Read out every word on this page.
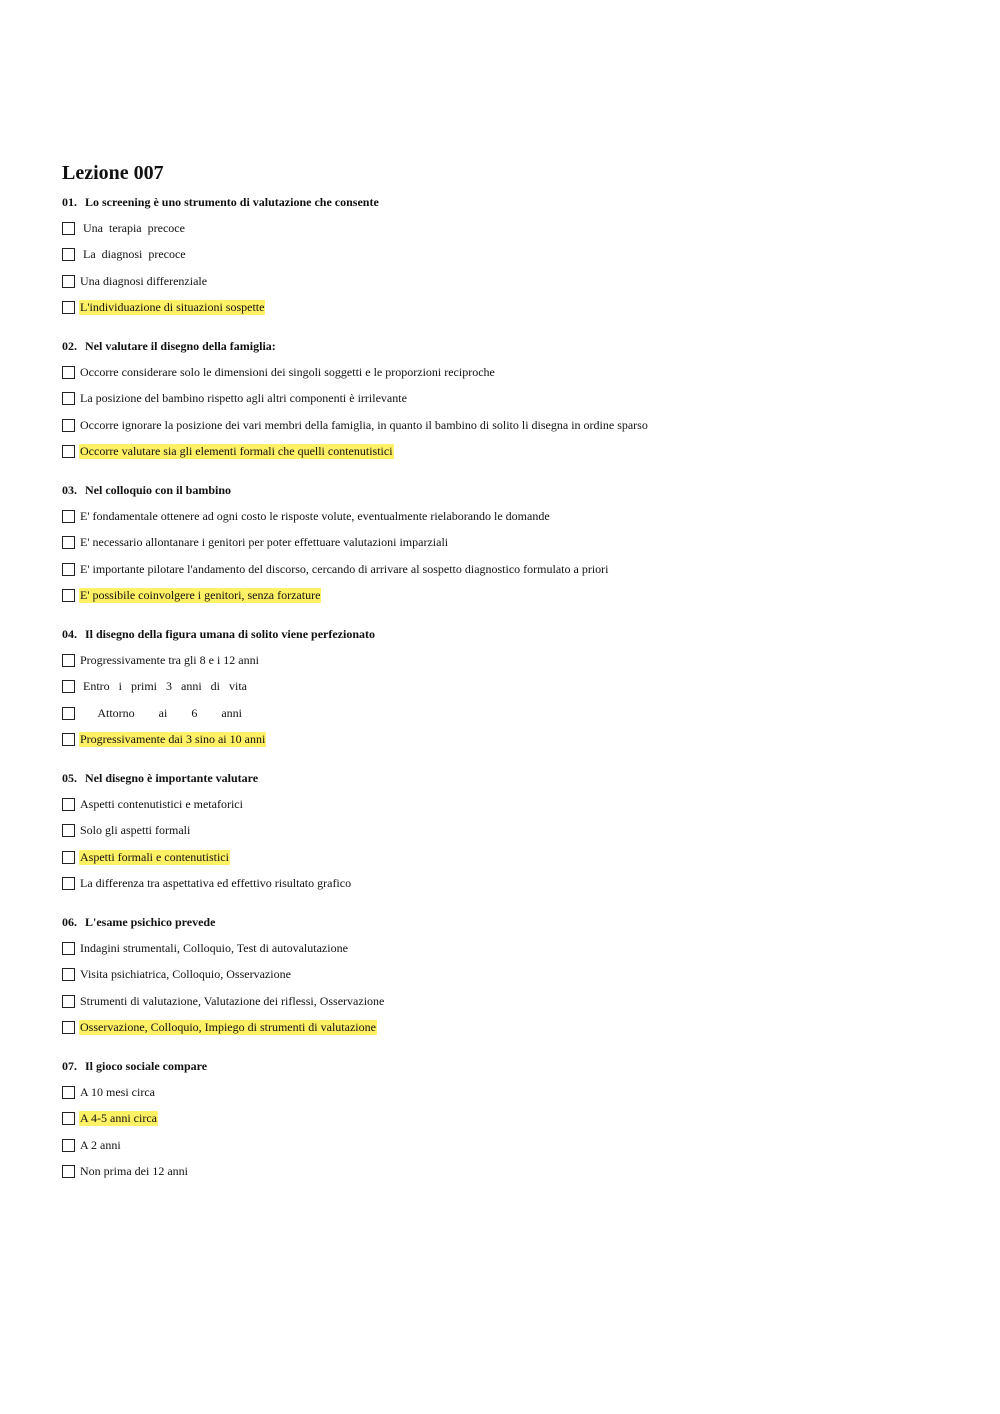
Lezione 007
01. Lo screening è uno strumento di valutazione che consente
Una  terapia  precoce
La  diagnosi  precoce
Una diagnosi differenziale
L'individuazione di situazioni sospette
02. Nel valutare il disegno della famiglia:
Occorre considerare solo le dimensioni dei singoli soggetti e le proporzioni reciproche
La posizione del bambino rispetto agli altri componenti è irrilevante
Occorre ignorare la posizione dei vari membri della famiglia, in quanto il bambino di solito li disegna in ordine sparso
Occorre valutare sia gli elementi formali che quelli contenutistici
03. Nel colloquio con il bambino
E' fondamentale ottenere ad ogni costo le risposte volute, eventualmente rielaborando le domande
E' necessario allontanare i genitori per poter effettuare valutazioni imparziali
E' importante pilotare l'andamento del discorso, cercando di arrivare al sospetto diagnostico formulato a priori
E' possibile coinvolgere i genitori, senza forzature
04. Il disegno della figura umana di solito viene perfezionato
Progressivamente tra gli 8 e i 12 anni
Entro   i   primi   3   anni   di   vita
Attorno        ai        6        anni
Progressivamente dai 3 sino ai 10 anni
05. Nel disegno è importante valutare
Aspetti contenutistici e metaforici
Solo gli aspetti formali
Aspetti formali e contenutistici
La differenza tra aspettativa ed effettivo risultato grafico
06. L'esame psichico prevede
Indagini strumentali, Colloquio, Test di autovalutazione
Visita psichiatrica, Colloquio, Osservazione
Strumenti di valutazione, Valutazione dei riflessi, Osservazione
Osservazione, Colloquio, Impiego di strumenti di valutazione
07. Il gioco sociale compare
A 10 mesi circa
A 4-5 anni circa
A 2 anni
Non prima dei 12 anni
